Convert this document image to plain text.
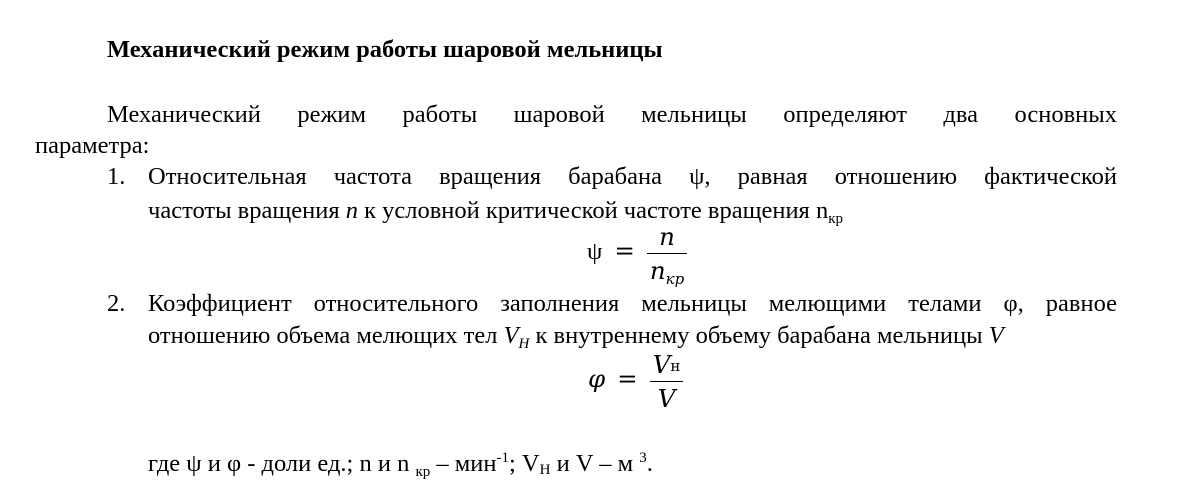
Механический режим работы шаровой мельницы
Механический режим работы шаровой мельницы определяют два основных
параметра:
1. Относительная частота вращения барабана ψ, равная отношению фактической
частоты вращения n к условной критической частоте вращения $n_{кр}$
$\psi = \frac{n}{n_{кр}}$
2. Коэффициент относительного заполнения мельницы мелющими телами φ, равное
отношению объема мелющих тел $V_H$ к внутреннему объему барабана мельницы V
$\varphi = \frac{Vн}{V}$
где ψ и φ - доли ед.; n и n $_{кр}$ – мин$^{-1}$; VH и V – м $^3$.
